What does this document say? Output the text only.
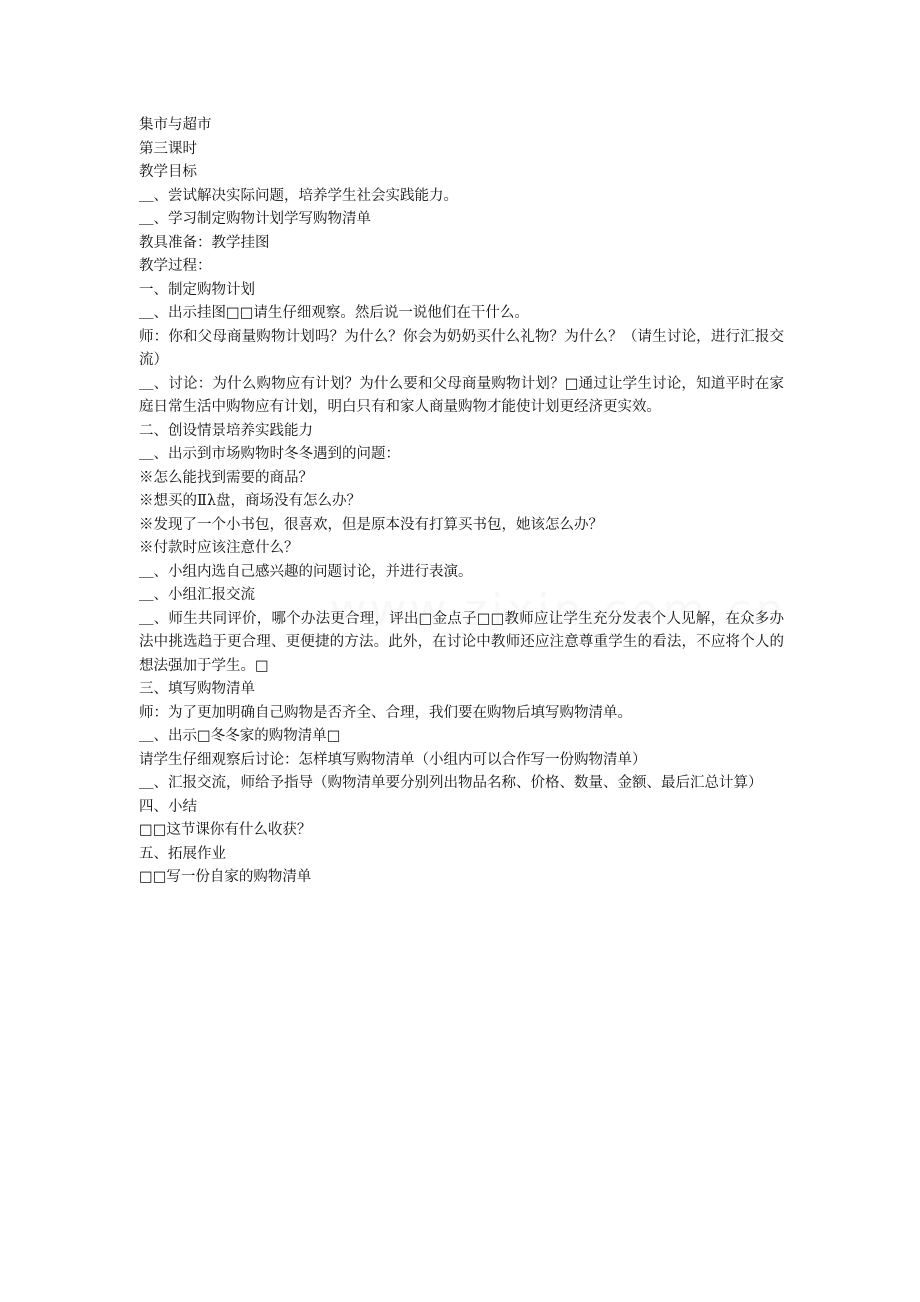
集市与超市
第三课时
教学目标
＿、尝试解决实际问题，培养学生社会实践能力。
＿、学习制定购物计划学写购物清单
教具准备：教学挂图
教学过程：
一、制定购物计划
＿、出示挂图□□请生仔细观察。然后说一说他们在干什么。
师：你和父母商量购物计划吗？为什么？你会为奶奶买什么礼物？为什么？（请生讨论，进行汇报交流）
＿、讨论：为什么购物应有计划？为什么要和父母商量购物计划？□通过让学生讨论，知道平时在家庭日常生活中购物应有计划，明白只有和家人商量购物才能使计划更经济更实效。
二、创设情景培养实践能力
＿、出示到市场购物时冬冬遇到的问题：
※怎么能找到需要的商品？
※想买的Ⅱλ盘，商场没有怎么办？
※发现了一个小书包，很喜欢，但是原本没有打算买书包，她该怎么办？
※付款时应该注意什么？
＿、小组内选自己感兴趣的问题讨论，并进行表演。
＿、小组汇报交流
＿、师生共同评价，哪个办法更合理，评出□金点子□□教师应让学生充分发表个人见解，在众多办法中挑选趋于更合理、更便捷的方法。此外，在讨论中教师还应注意尊重学生的看法，不应将个人的想法强加于学生。□
三、填写购物清单
师：为了更加明确自己购物是否齐全、合理，我们要在购物后填写购物清单。
＿、出示□冬冬家的购物清单□
请学生仔细观察后讨论：怎样填写购物清单（小组内可以合作写一份购物清单）
＿、汇报交流，师给予指导（购物清单要分别列出物品名称、价格、数量、金额、最后汇总计算）
四、小结
□□这节课你有什么收获？
五、拓展作业
□□写一份自家的购物清单
